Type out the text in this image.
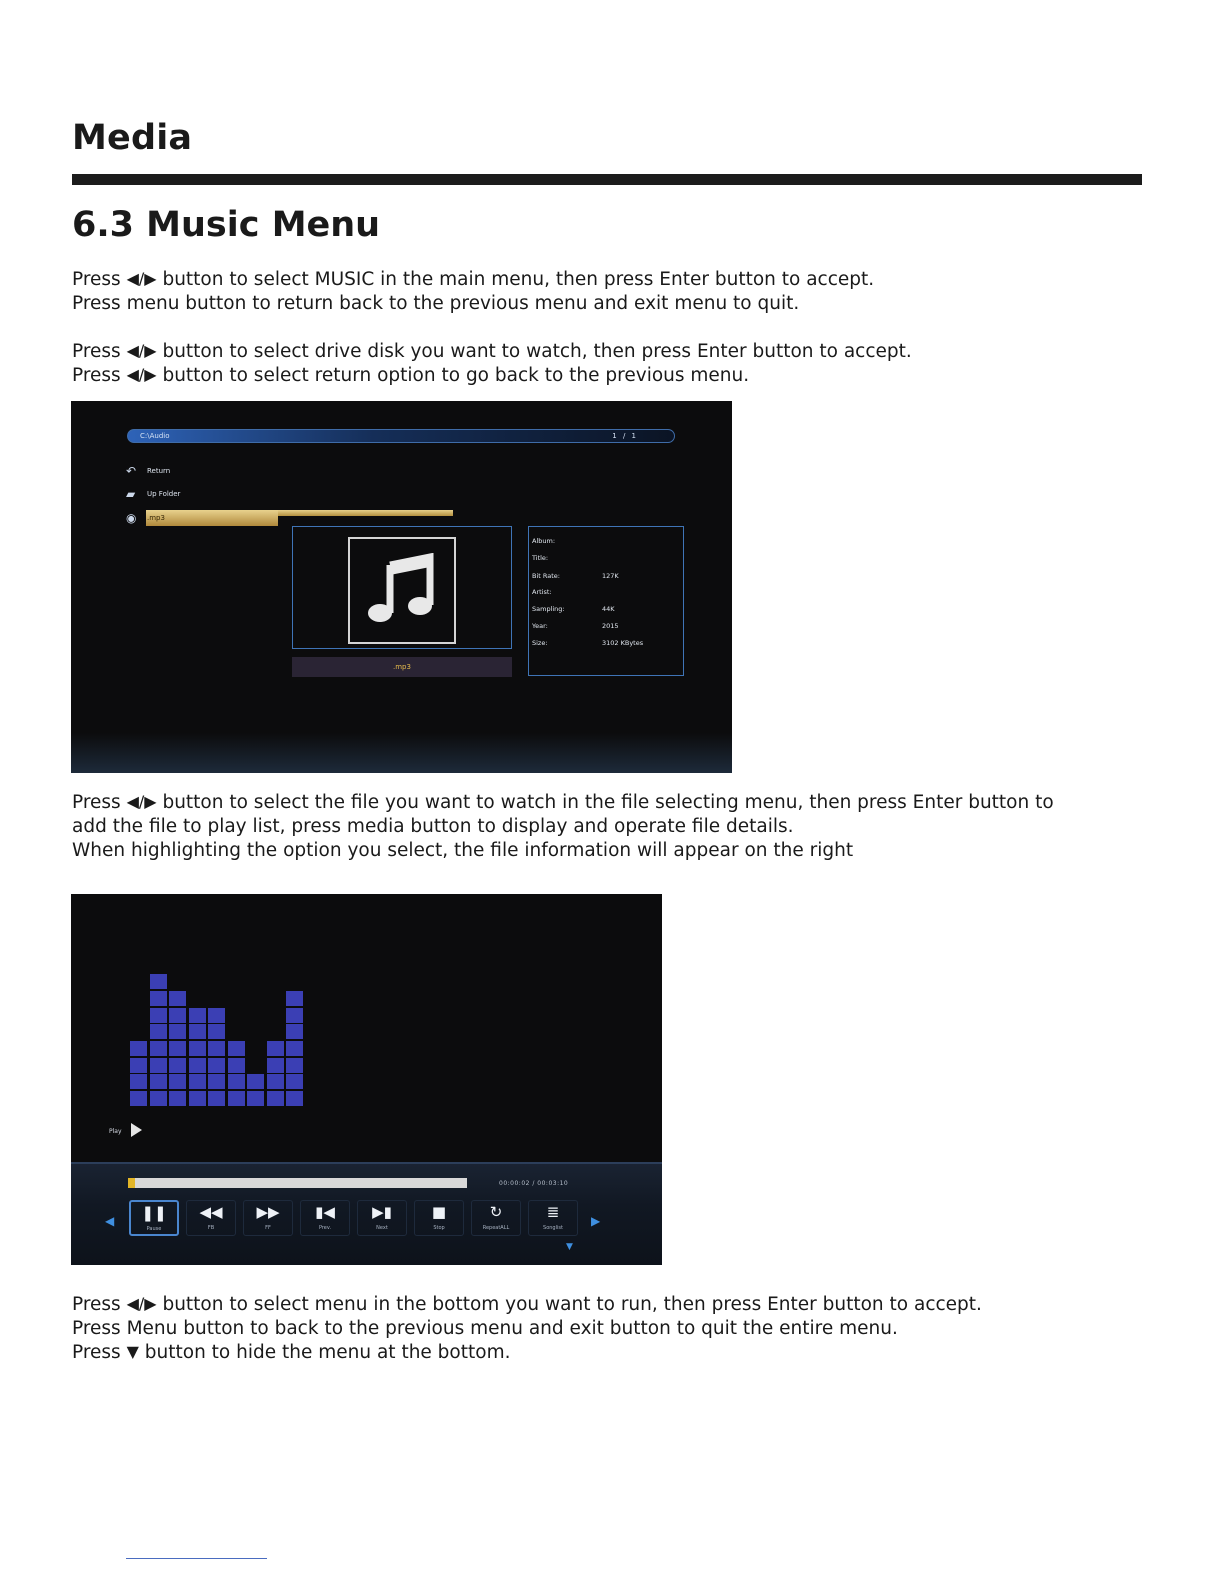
Media
6.3 Music Menu

Press ◀/▶ button to select MUSIC in the main menu, then press Enter button to accept.
Press menu button to return back to the previous menu and exit menu to quit.

Press ◀/▶ button to select drive disk you want to watch, then press Enter button to accept.
Press ◀/▶ button to select return option to go back to the previous menu.

C:\Audio	1 / 1
↶	Return
▰	Up Folder
◉	.mp3
.mp3
Album:
Title:
Bit Rate:	127K
Artist:
Sampling:	44K
Year:	2015
Size:	3102 KBytes

Press ◀/▶ button to select the file you want to watch in the file selecting menu, then press Enter button to
add the file to play list, press media button to display and operate file details.
When highlighting the option you select, the file information will appear on the right

Play
00:00:02 / 00:03:10
◀	❚❚
Pause
◀◀
FB
▶▶
FF
▮◀
Prev.
▶▮
Next
■
Stop
↻
RepeatALL
≣
Songlist	▶
▼

Press ◀/▶ button to select menu in the bottom you want to run, then press Enter button to accept.
Press Menu button to back to the previous menu and exit button to quit the entire menu.
Press ▼ button to hide the menu at the bottom.
